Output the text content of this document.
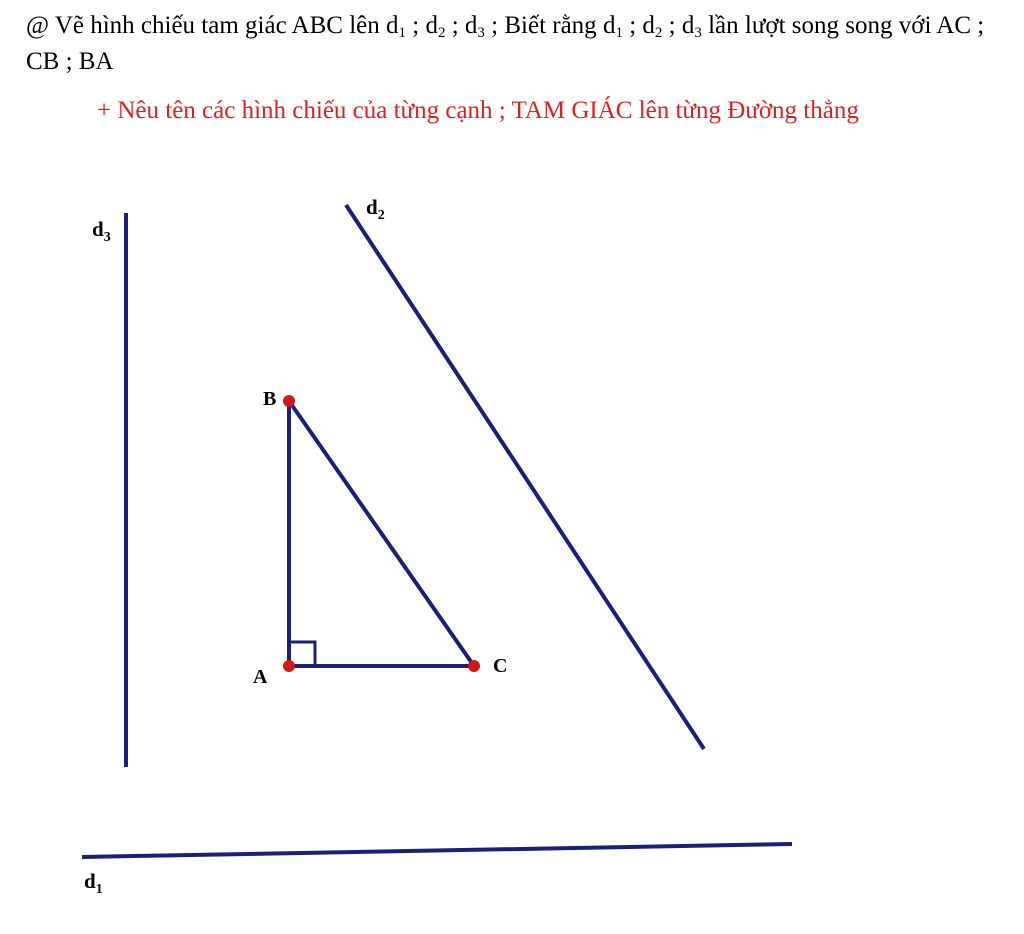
@ Vẽ hình chiếu tam giác ABC lên $d_1$ ; $d_2$ ; $d_3$ ; Biết rằng $d_1$ ; $d_2$ ; $d_3$ lần lượt song song với AC ; CB ; BA

+ Nêu tên các hình chiếu của từng cạnh ; TAM GIÁC lên từng Đường thẳng

B
A	C
$d_3$
$d_2$
$d_1$
